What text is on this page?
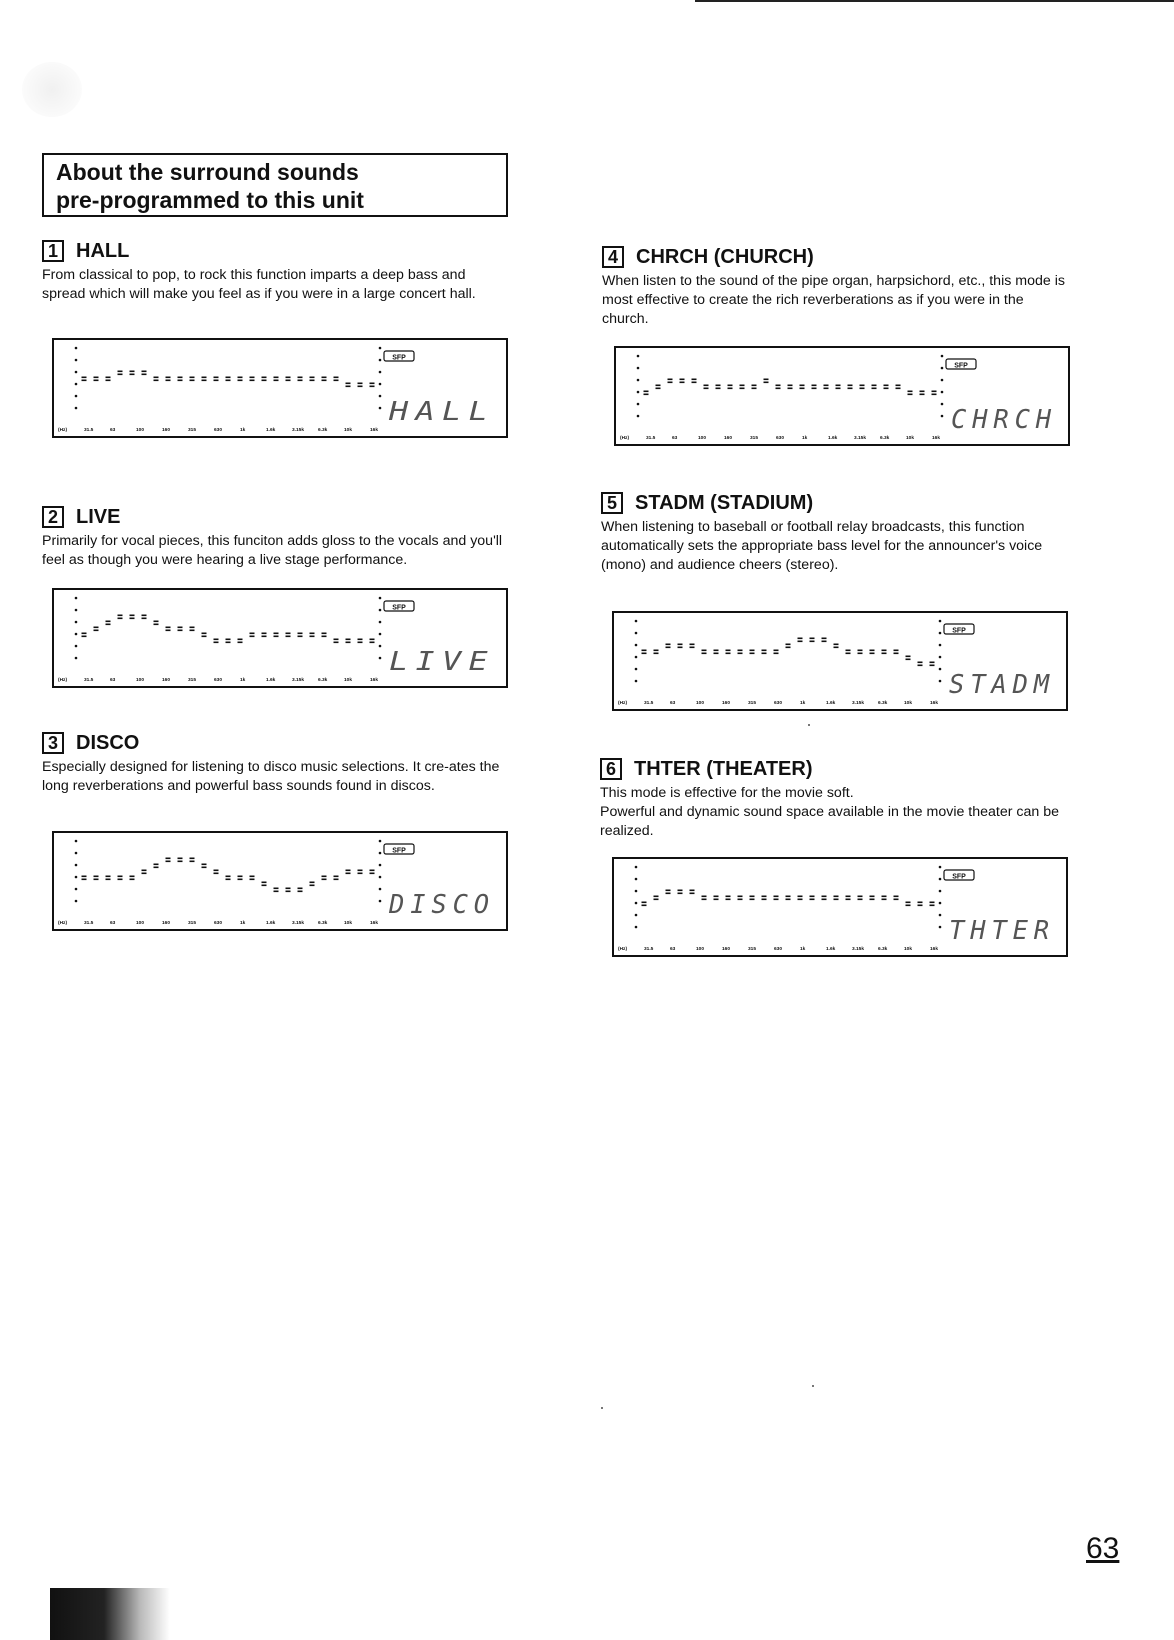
About the surround sounds
pre-programmed to this unit
1 HALL

From classical to pop, to rock this function imparts a deep bass and spread which will make you feel as if you were in a large concert hall.

SFP
HALL
(Hz)	31.5	63	100	160	315	630	1k	1.6k	3.15k	6.3k	10k	16k
2 LIVE

Primarily for vocal pieces, this funciton adds gloss to the vocals and you'll feel as though you were hearing a live stage performance.

SFP
LIVE
(Hz)	31.5	63	100	160	315	630	1k	1.6k	3.15k	6.3k	10k	16k
3 DISCO

Especially designed for listening to disco music selections. It cre-ates the long reverberations and powerful bass sounds found in discos.

SFP
DISCO
(Hz)	31.5	63	100	160	315	630	1k	1.6k	3.15k	6.3k	10k	16k
4 CHRCH (CHURCH)

When listen to the sound of the pipe organ, harpsichord, etc., this mode is most effective to create the rich reverberations as if you were in the church.

SFP
CHRCH
(Hz)	31.5	63	100	160	315	630	1k	1.6k	3.15k	6.3k	10k	16k
5 STADM (STADIUM)

When listening to baseball or football relay broadcasts, this function automatically sets the appropriate bass level for the announcer's voice (mono) and audience cheers (stereo).

SFP
STADM
(Hz)	31.5	63	100	160	315	630	1k	1.6k	3.15k	6.3k	10k	16k
6 THTER (THEATER)

This mode is effective for the movie soft.

Powerful and dynamic sound space available in the movie theater can be realized.

SFP
THTER
(Hz)	31.5	63	100	160	315	630	1k	1.6k	3.15k	6.3k	10k	16k
63
